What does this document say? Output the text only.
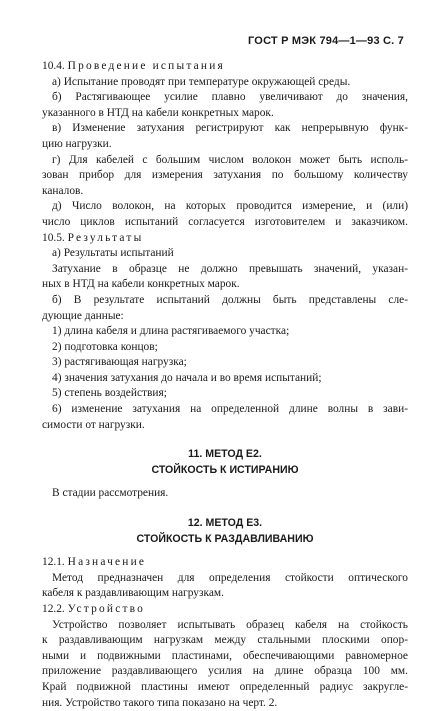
ГОСТ Р МЭК 794—1—93 С. 7
10.4. Проведение испытания
а) Испытание проводят при температуре окружающей среды.
б) Растягивающее усилие плавно увеличивают до значения,
указанного в НТД на кабели конкретных марок.
в) Изменение затухания регистрируют как непрерывную функ-
цию нагрузки.
г) Для кабелей с большим числом волокон может быть исполь-
зован прибор для измерения затухания по большому количеству
каналов.
д) Число волокон, на которых проводится измерение, и (или)
число циклов испытаний согласуется изготовителем и заказчиком.
10.5. Результаты
а) Результаты испытаний
Затухание в образце не должно превышать значений, указан-
ных в НТД на кабели конкретных марок.
б) В результате испытаний должны быть представлены сле-
дующие данные:
1) длина кабеля и длина растягиваемого участка;
2) подготовка концов;
3) растягивающая нагрузка;
4) значения затухания до начала и во время испытаний;
5) степень воздействия;
6) изменение затухания на определенной длине волны в зави-
симости от нагрузки.
11. МЕТОД Е2.
СТОЙКОСТЬ К ИСТИРАНИЮ
В стадии рассмотрения.
12. МЕТОД Е3.
СТОЙКОСТЬ К РАЗДАВЛИВАНИЮ
12.1. Назначение
Метод предназначен для определения стойкости оптического
кабеля к раздавливающим нагрузкам.
12.2. Устройство
Устройство позволяет испытывать образец кабеля на стойкость
к раздавливающим нагрузкам между стальными плоскими опор-
ными и подвижными пластинами, обеспечивающими равномерное
приложение раздавливающего усилия на длине образца 100 мм.
Край подвижной пластины имеют определенный радиус закругле-
ния. Устройство такого типа показано на черт. 2.
